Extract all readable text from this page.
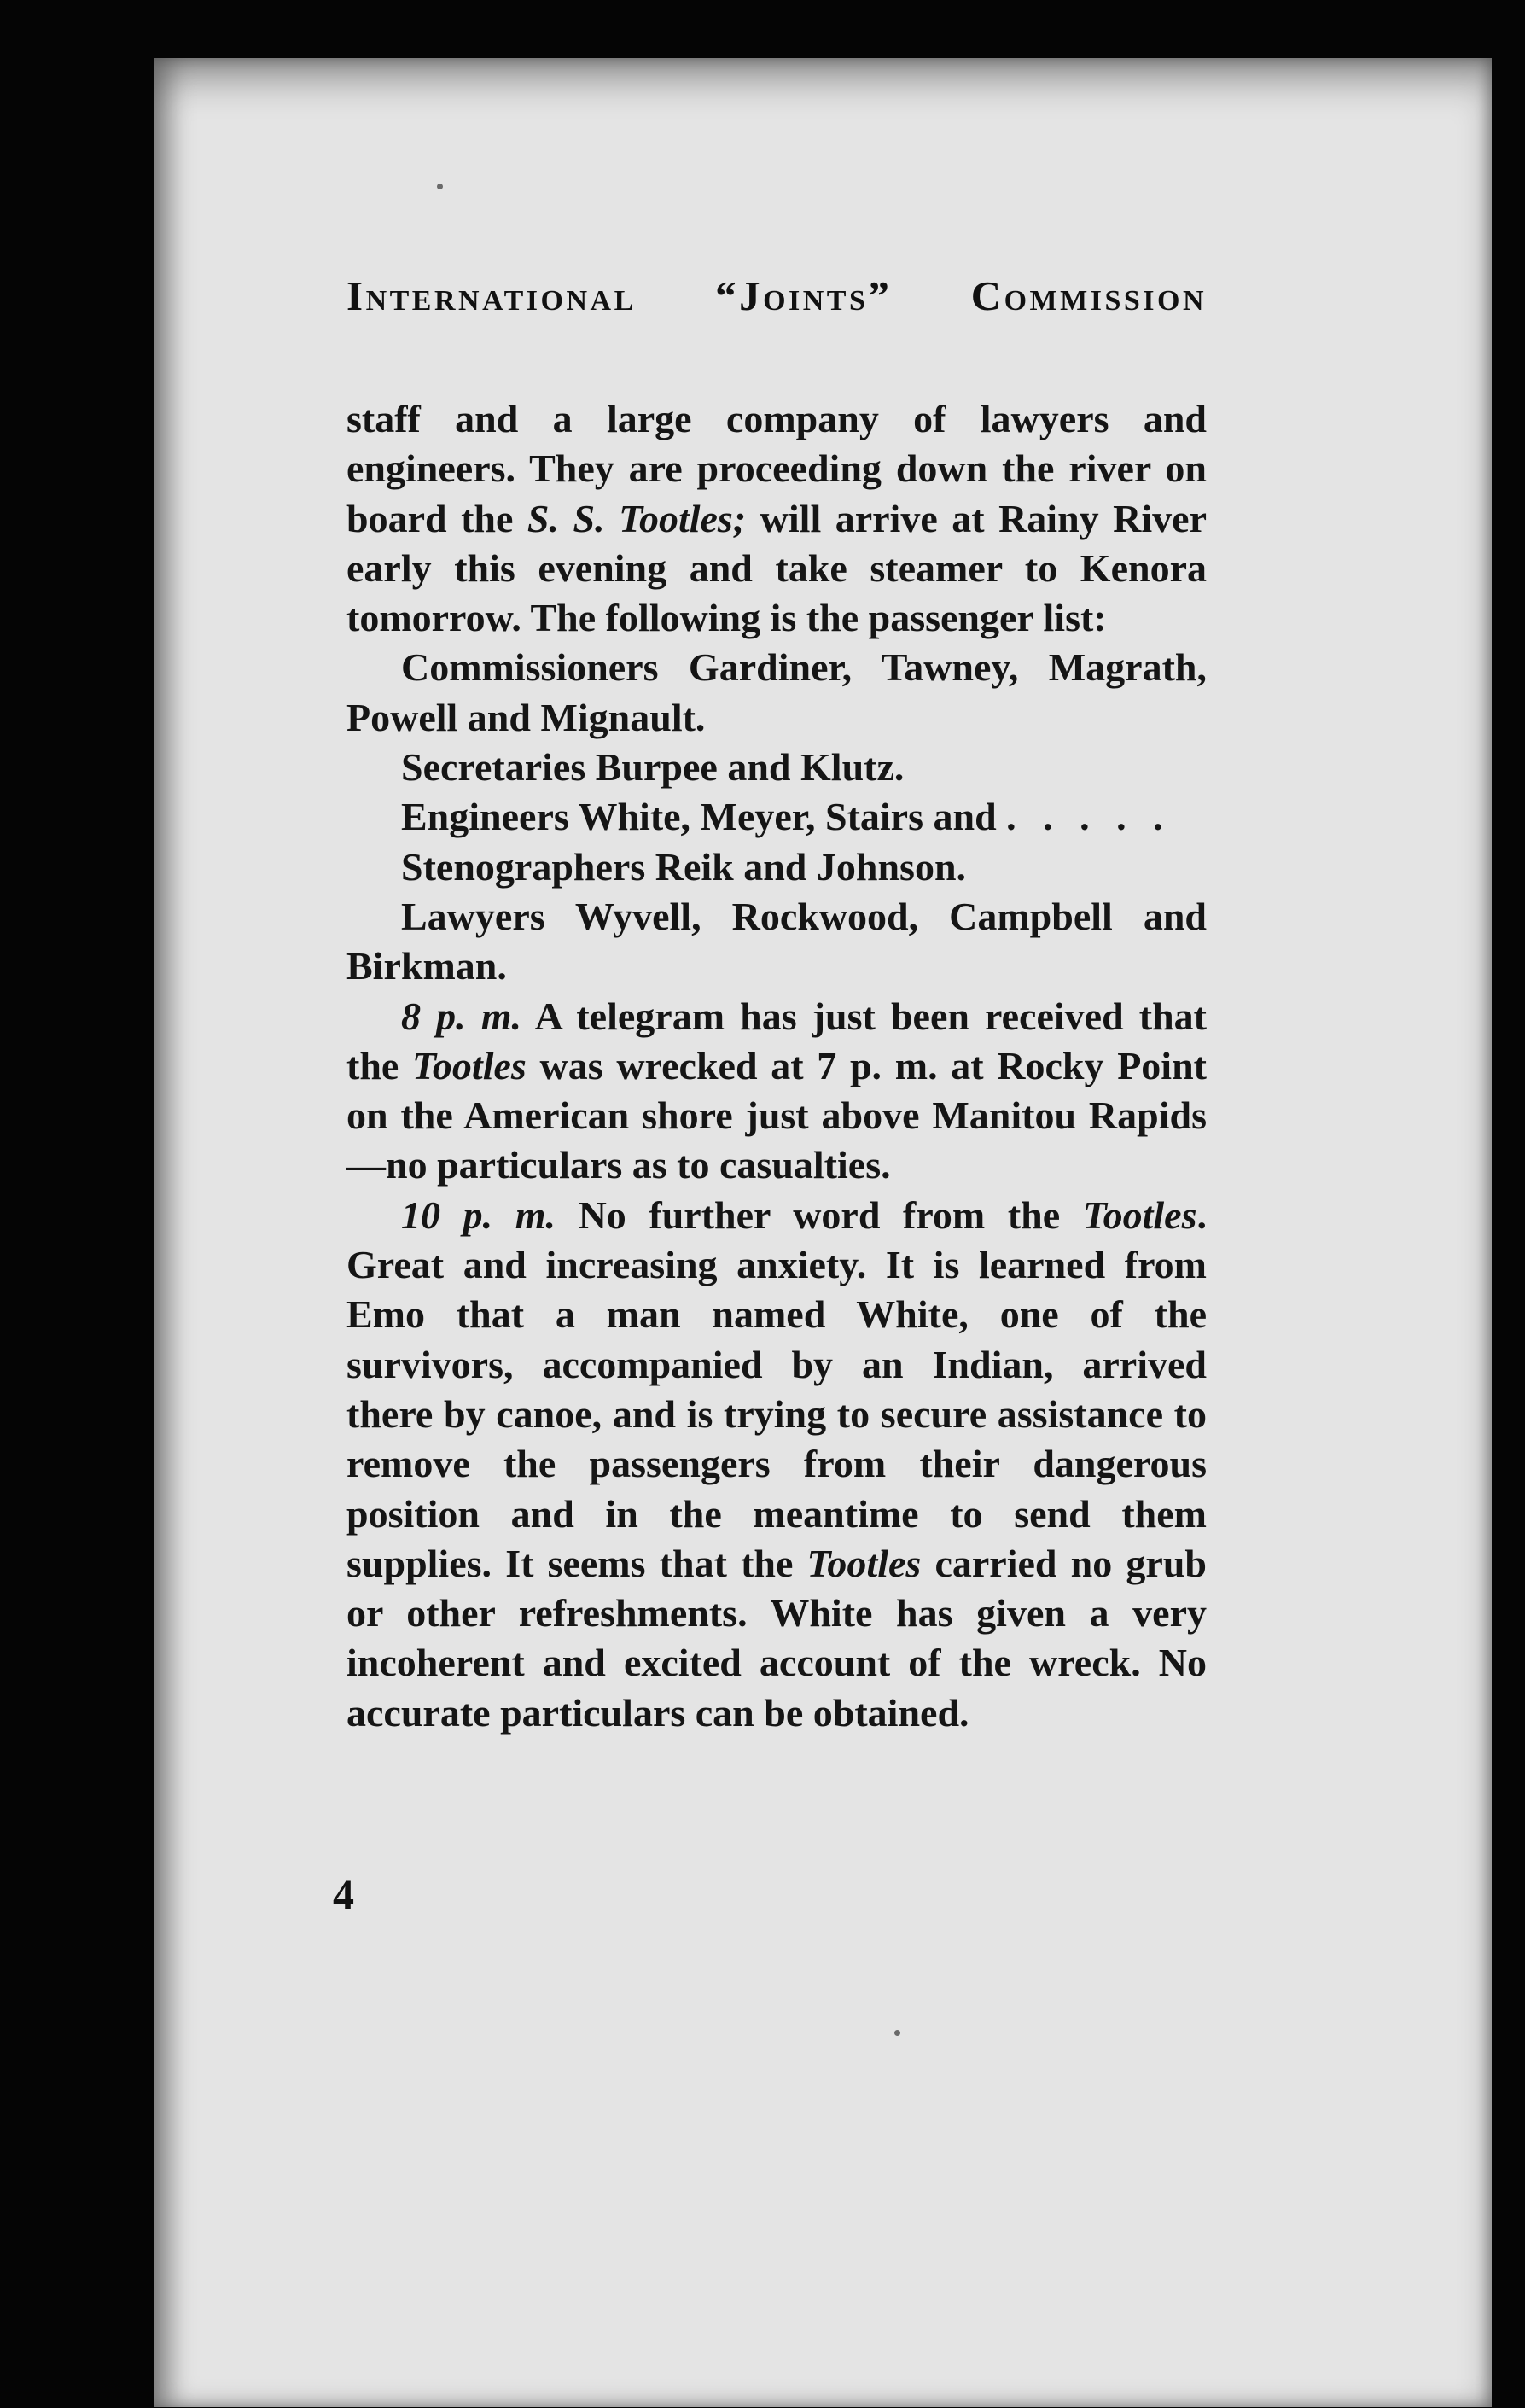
International “Joints” Commission

staff and a large company of lawyers and engineers. They are proceeding down the river on board the S. S. Tootles; will arrive at Rainy River early this evening and take steamer to Kenora tomorrow. The following is the passenger list:

Commissioners Gardiner, Tawney, Magrath, Powell and Mignault.

Secretaries Burpee and Klutz.

Engineers White, Meyer, Stairs and . . . . .

Stenographers Reik and Johnson.

Lawyers Wyvell, Rockwood, Campbell and Birkman.

8 p. m. A telegram has just been received that the Tootles was wrecked at 7 p. m. at Rocky Point on the American shore just above Manitou Rapids—no particulars as to casualties.

10 p. m. No further word from the Tootles. Great and increasing anxiety. It is learned from Emo that a man named White, one of the survivors, accompanied by an Indian, arrived there by canoe, and is trying to secure assistance to remove the passengers from their dangerous position and in the meantime to send them supplies. It seems that the Tootles carried no grub or other refreshments. White has given a very incoherent and excited account of the wreck. No accurate particulars can be obtained.

4
